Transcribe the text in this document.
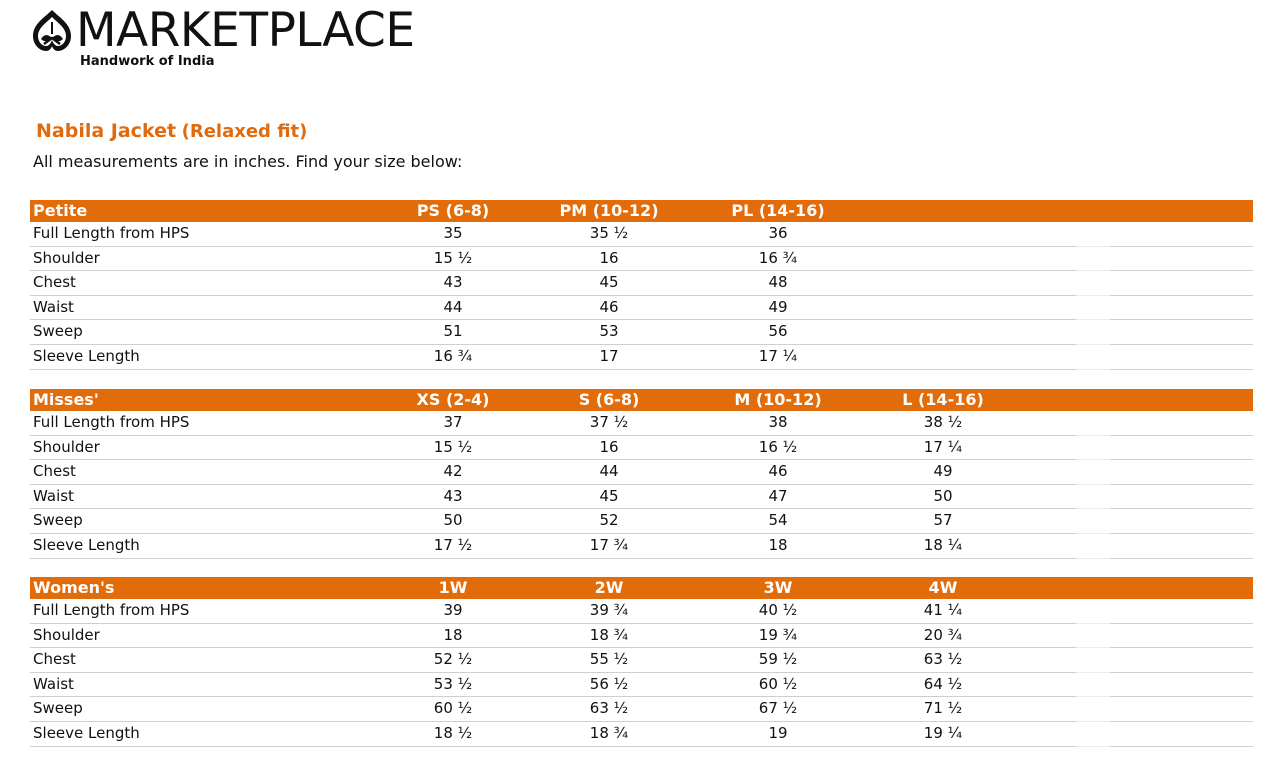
MARKETPLACE
Handwork of India
Nabila Jacket (Relaxed fit)
All measurements are in inches. Find your size below:
Petite	PS (6-8)	PM (10-12)	PL (14-16)
Full Length from HPS	35	35 ½	36
Shoulder	15 ½	16	16 ¾
Chest	43	45	48
Waist	44	46	49
Sweep	51	53	56
Sleeve Length	16 ¾	17	17 ¼
Misses'	XS (2-4)	S (6-8)	M (10-12)	L (14-16)
Full Length from HPS	37	37 ½	38	38 ½
Shoulder	15 ½	16	16 ½	17 ¼
Chest	42	44	46	49
Waist	43	45	47	50
Sweep	50	52	54	57
Sleeve Length	17 ½	17 ¾	18	18 ¼
Women's	1W	2W	3W	4W
Full Length from HPS	39	39 ¾	40 ½	41 ¼
Shoulder	18	18 ¾	19 ¾	20 ¾
Chest	52 ½	55 ½	59 ½	63 ½
Waist	53 ½	56 ½	60 ½	64 ½
Sweep	60 ½	63 ½	67 ½	71 ½
Sleeve Length	18 ½	18 ¾	19	19 ¼
